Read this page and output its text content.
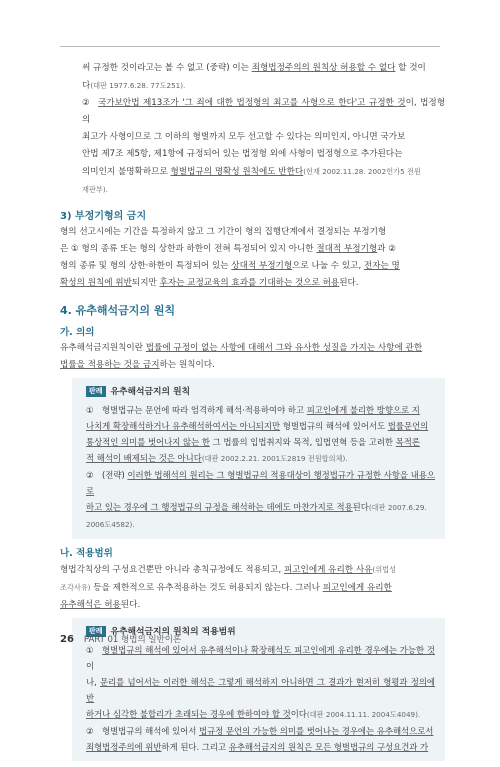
써 규정한 것이라고는 볼 수 없고 (중략) 이는 죄형법정주의의 원칙상 허용할 수 없다 할 것이
다(대판 1977.6.28. 77도251).

② 국가보안법 제13조가 '그 죄에 대한 법정형의 최고를 사형으로 한다'고 규정한 것이, 법정형의
최고가 사형이므로 그 이하의 형벌까지 모두 선고할 수 있다는 의미인지, 아니면 국가보
안법 제7조 제5항, 제1항에 규정되어 있는 법정형 외에 사형이 법정형으로 추가된다는
의미인지 불명확하므로 형벌법규의 명확성 원칙에도 반한다(헌재 2002.11.28. 2002헌가5 전원
재판부).

3) 부정기형의 금지

형의 선고시에는 기간을 특정하지 않고 그 기간이 형의 집행단계에서 결정되는 부정기형
은 ① 형의 종류 또는 형의 상한과 하한이 전혀 특정되어 있지 아니한 절대적 부정기형과 ②
형의 종류 및 형의 상한·하한이 특정되어 있는 상대적 부정기형으로 나눌 수 있고, 전자는 명
확성의 원칙에 위반되지만 후자는 교정교육의 효과를 기대하는 것으로 허용된다.

4. 유추해석금지의 원칙
가. 의의

유추해석금지원칙이란 법률에 규정이 없는 사항에 대해서 그와 유사한 성질을 가지는 사항에 관한
법률을 적용하는 것을 금지하는 원칙이다.

판례 유추해석금지의 원칙

① 형벌법규는 문언에 따라 엄격하게 해석·적용하여야 하고 피고인에게 불리한 방향으로 지
나치게 확장해석하거나 유추해석하여서는 아니되지만 형벌법규의 해석에 있어서도 법률문언의
통상적인 의미를 벗어나지 않는 한 그 법률의 입법취지와 목적, 입법연혁 등을 고려한 목적론
적 해석이 배제되는 것은 아니다(대판 2002.2.21. 2001도2819 전원합의체).

② (전략) 이러한 법해석의 원리는 그 형벌법규의 적용대상이 행정법규가 규정한 사항을 내용으로
하고 있는 경우에 그 행정법규의 규정을 해석하는 데에도 마찬가지로 적용된다(대판 2007.6.29.
2006도4582).

나. 적용범위

형법각칙상의 구성요건뿐만 아니라 총칙규정에도 적용되고, 피고인에게 유리한 사유(위법성
조각사유) 등을 제한적으로 유추적용하는 것도 허용되지 않는다. 그러나 피고인에게 유리한
유추해석은 허용된다.

판례 유추해석금지의 원칙의 적용범위

① 형벌법규의 해석에 있어서 유추해석이나 확장해석도 피고인에게 유리한 경우에는 가능한 것이
나, 문리를 넘어서는 이러한 해석은 그렇게 해석하지 아니하면 그 결과가 현저히 형평과 정의에 반
하거나 심각한 불합리가 초래되는 경우에 한하여야 할 것이다(대판 2004.11.11. 2004도4049).

② 형벌법규의 해석에 있어서 법규정 문언의 가능한 의미를 벗어나는 경우에는 유추해석으로서
죄형법정주의에 위반하게 된다. 그리고 유추해석금지의 원칙은 모든 형벌법규의 구성요건과 가

26 PART 01 형법의 일반이론
